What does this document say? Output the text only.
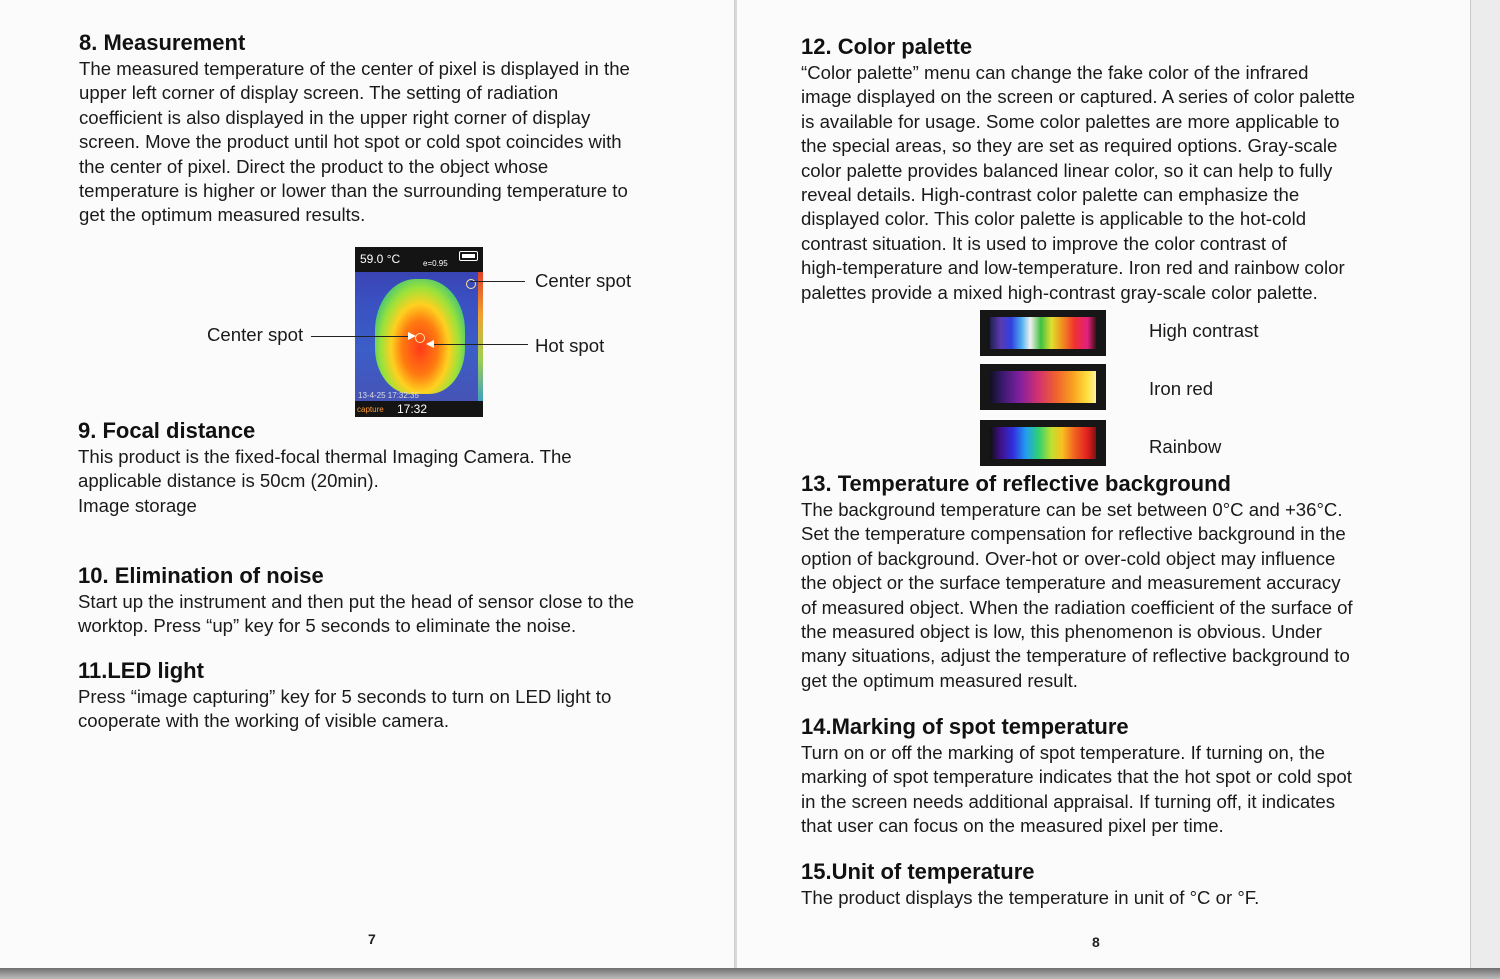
8. Measurement

The measured temperature of the center of pixel is displayed in the

upper left corner of display screen. The setting of radiation

coefficient is also displayed in the upper right corner of display

screen. Move the product until hot spot or cold spot coincides with

the center of pixel. Direct the product to the object whose

temperature is higher or lower than the surrounding temperature to

get the optimum measured results.

59.0 °C	e=0.95
13-4-25 17:32:35
capture 17:32
Center spot
Center spot
Hot spot
9. Focal distance

This product is the fixed-focal thermal Imaging Camera. The

applicable distance is 50cm (20min).

Image storage

10. Elimination of noise

Start up the instrument and then put the head of sensor close to the

worktop. Press “up” key for 5 seconds to eliminate the noise.

11.LED light

Press “image capturing” key for 5 seconds to turn on LED light to

cooperate with the working of visible camera.

7
12. Color palette

“Color palette” menu can change the fake color of the infrared

image displayed on the screen or captured. A series of color palette

is available for usage. Some color palettes are more applicable to

the special areas, so they are set as required options. Gray-scale

color palette provides balanced linear color, so it can help to fully

reveal details. High-contrast color palette can emphasize the

displayed color. This color palette is applicable to the hot-cold

contrast situation. It is used to improve the color contrast of

high-temperature and low-temperature. Iron red and rainbow color

palettes provide a mixed high-contrast gray-scale color palette.

High contrast
Iron red
Rainbow
13. Temperature of reflective background

The background temperature can be set between 0°C and +36°C.

Set the temperature compensation for reflective background in the

option of background. Over-hot or over-cold object may influence

the object or the surface temperature and measurement accuracy

of measured object. When the radiation coefficient of the surface of

the measured object is low, this phenomenon is obvious. Under

many situations, adjust the temperature of reflective background to

get the optimum measured result.

14.Marking of spot temperature

Turn on or off the marking of spot temperature. If turning on, the

marking of spot temperature indicates that the hot spot or cold spot

in the screen needs additional appraisal. If turning off, it indicates

that user can focus on the measured pixel per time.

15.Unit of temperature

The product displays the temperature in unit of °C or °F.

8
